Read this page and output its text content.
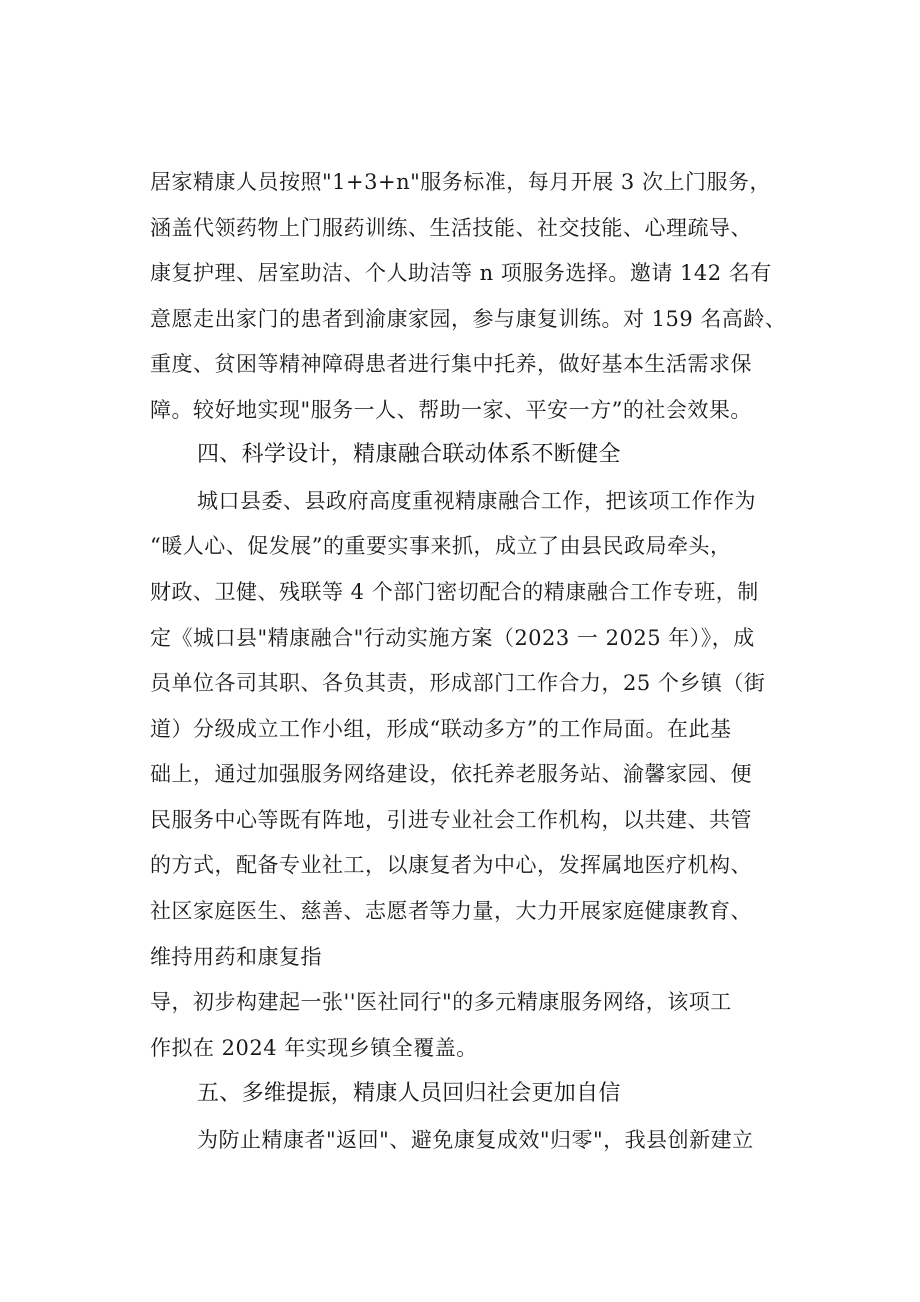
居家精康人员按照"1+3+n"服务标准，每月开展 3 次上门服务，
涵盖代领药物上门服药训练、生活技能、社交技能、心理疏导、
康复护理、居室助洁、个人助洁等 n 项服务选择。邀请 142 名有
意愿走出家门的患者到渝康家园，参与康复训练。对 159 名高龄、
重度、贫困等精神障碍患者进行集中托养，做好基本生活需求保
障。较好地实现"服务一人、帮助一家、平安一方”的社会效果。
四、科学设计，精康融合联动体系不断健全
城口县委、县政府高度重视精康融合工作，把该项工作作为
“暖人心、促发展”的重要实事来抓，成立了由县民政局牵头，
财政、卫健、残联等 4 个部门密切配合的精康融合工作专班，制
定《城口县"精康融合"行动实施方案（2023 一 2025 年）》，成
员单位各司其职、各负其责，形成部门工作合力，25 个乡镇（街
道）分级成立工作小组，形成“联动多方”的工作局面。在此基
础上，通过加强服务网络建设，依托养老服务站、渝馨家园、便
民服务中心等既有阵地，引进专业社会工作机构，以共建、共管
的方式，配备专业社工，以康复者为中心，发挥属地医疗机构、
社区家庭医生、慈善、志愿者等力量，大力开展家庭健康教育、
维持用药和康复指
导，初步构建起一张''医社同行"的多元精康服务网络，该项工
作拟在 2024 年实现乡镇全覆盖。
五、多维提振，精康人员回归社会更加自信
为防止精康者"返回"、避免康复成效"归零"，我县创新建立
